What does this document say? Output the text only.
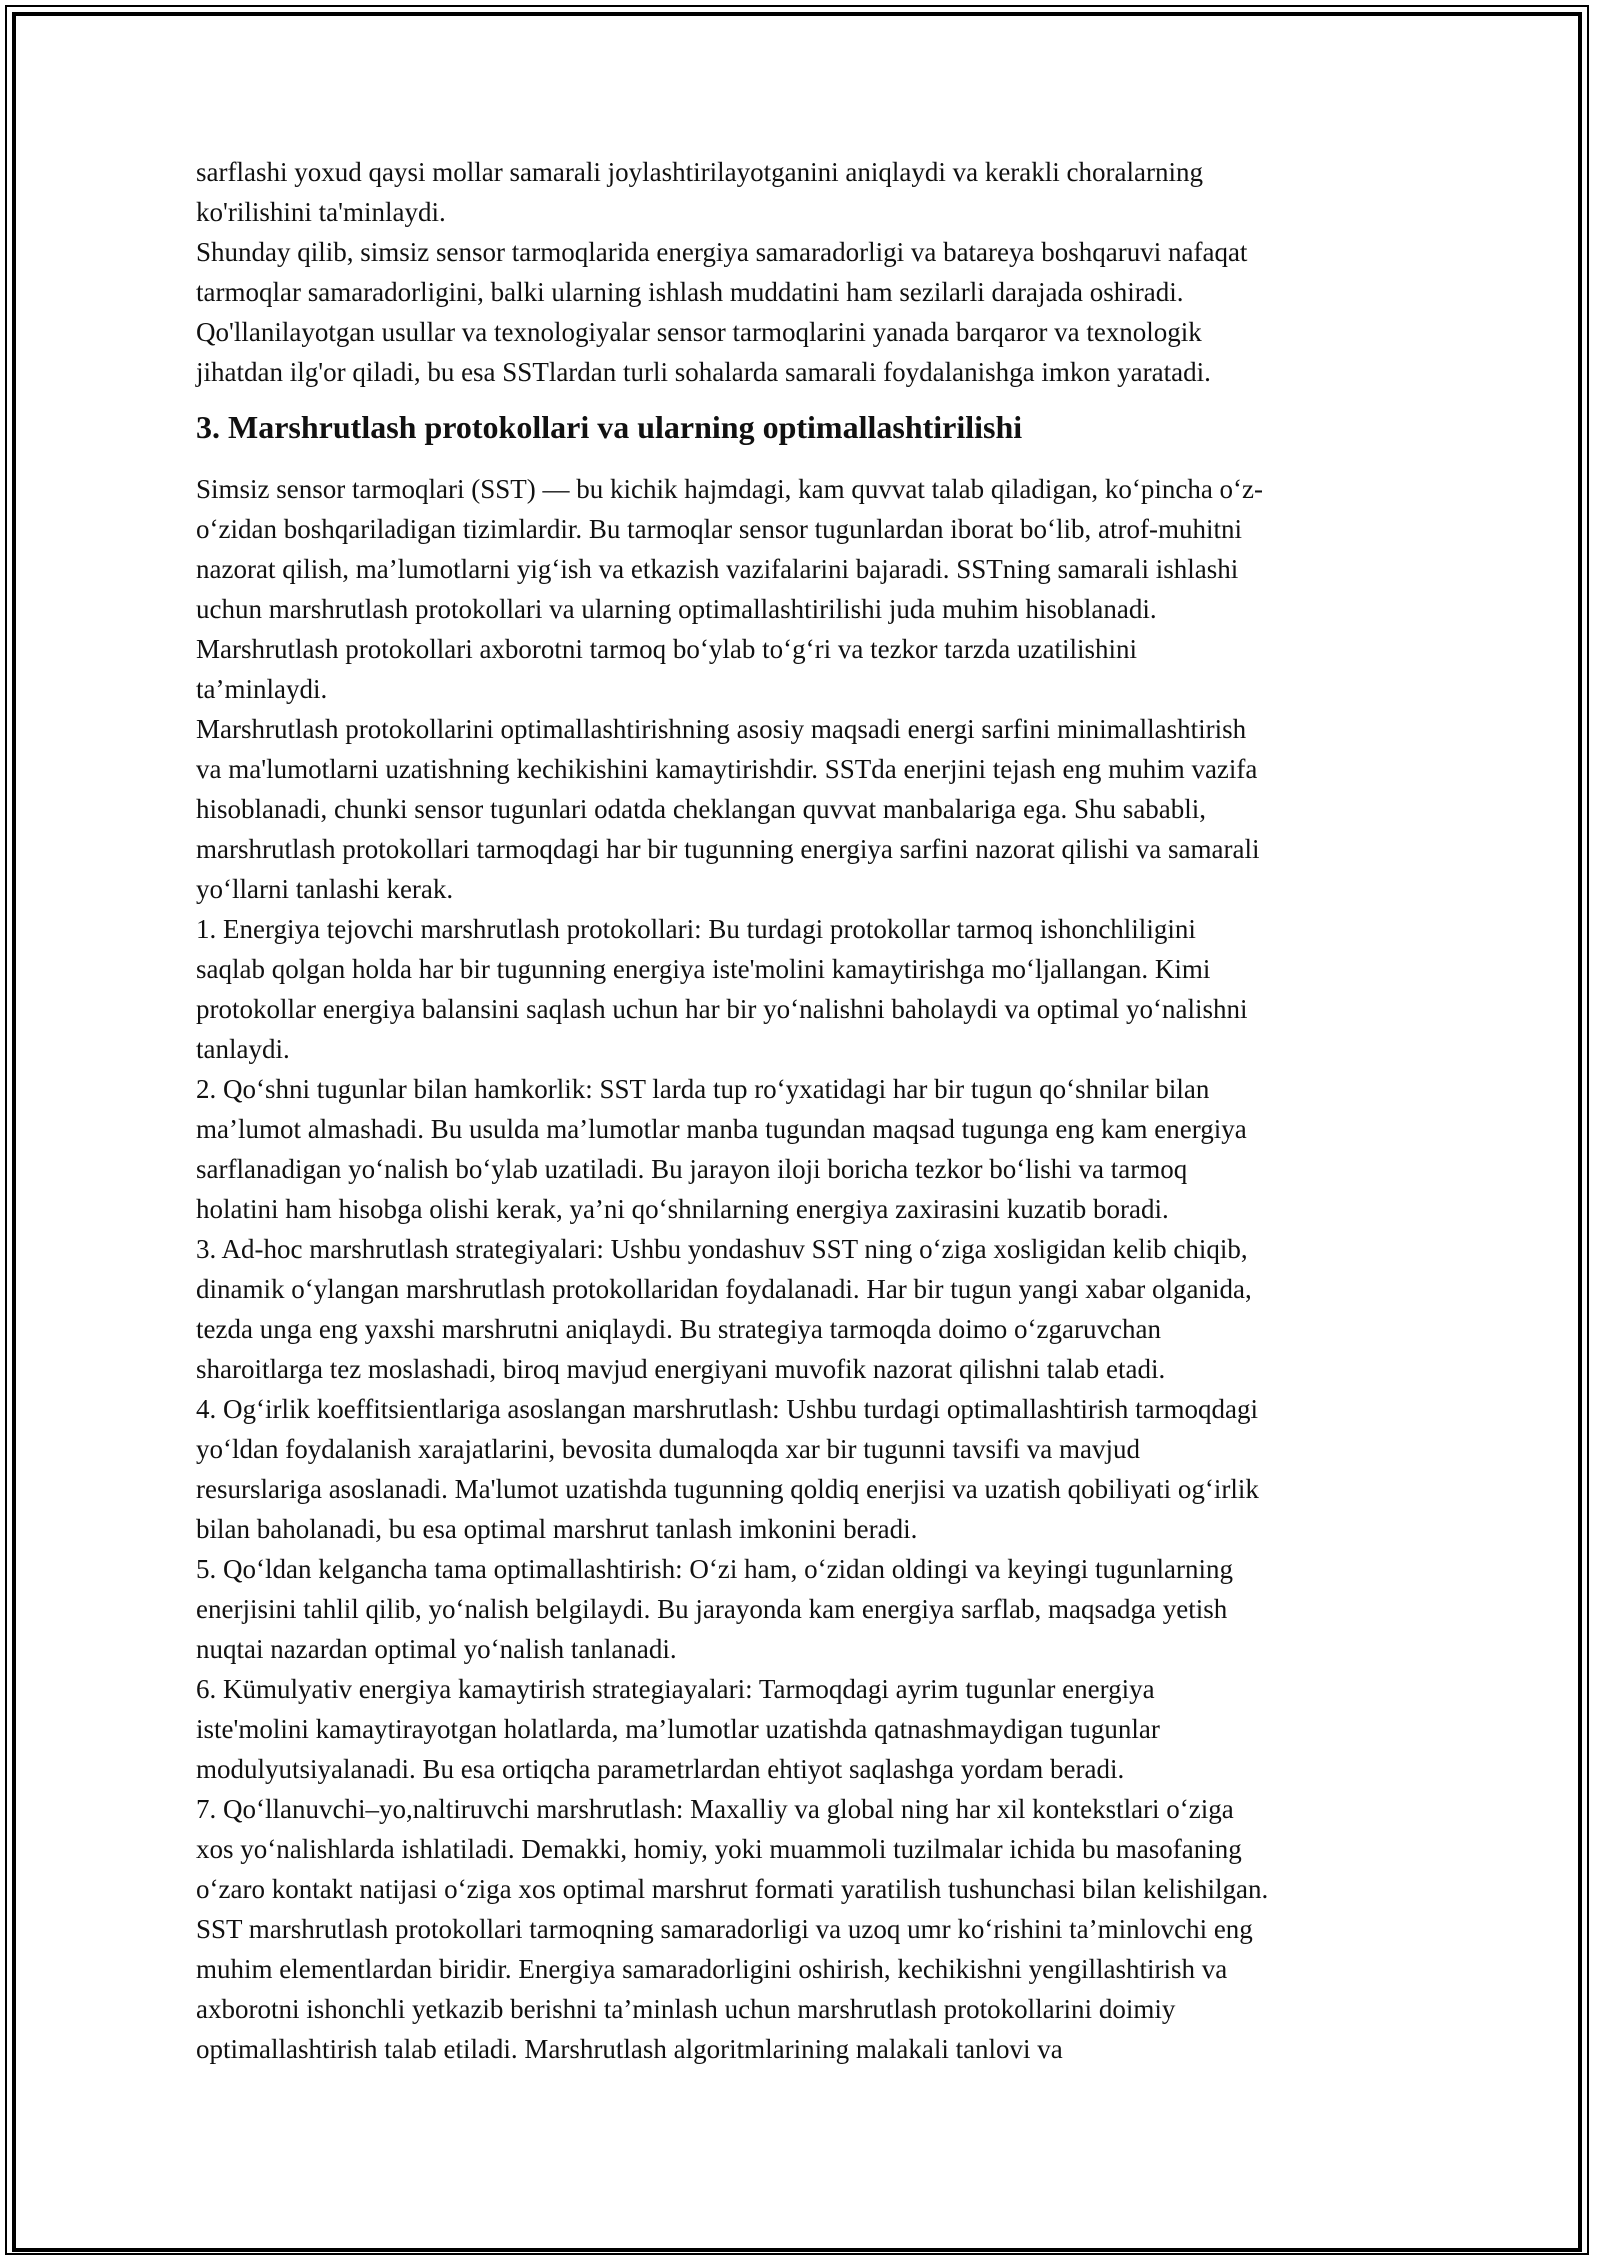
sarflashi yoxud qaysi mollar samarali joylashtirilayotganini aniqlaydi va kerakli choralarning
ko'rilishini ta'minlaydi.
Shunday qilib, simsiz sensor tarmoqlarida energiya samaradorligi va batareya boshqaruvi nafaqat
tarmoqlar samaradorligini, balki ularning ishlash muddatini ham sezilarli darajada oshiradi.
Qo'llanilayotgan usullar va texnologiyalar sensor tarmoqlarini yanada barqaror va texnologik
jihatdan ilg'or qiladi, bu esa SSTlardan turli sohalarda samarali foydalanishga imkon yaratadi.
3. Marshrutlash protokollari va ularning optimallashtirilishi
Simsiz sensor tarmoqlari (SST) — bu kichik hajmdagi, kam quvvat talab qiladigan, ko‘pincha o‘z-
o‘zidan boshqariladigan tizimlardir. Bu tarmoqlar sensor tugunlardan iborat bo‘lib, atrof-muhitni
nazorat qilish, ma’lumotlarni yig‘ish va etkazish vazifalarini bajaradi. SSTning samarali ishlashi
uchun marshrutlash protokollari va ularning optimallashtirilishi juda muhim hisoblanadi.
Marshrutlash protokollari axborotni tarmoq bo‘ylab to‘g‘ri va tezkor tarzda uzatilishini
ta’minlaydi.
Marshrutlash protokollarini optimallashtirishning asosiy maqsadi energi sarfini minimallashtirish
va ma'lumotlarni uzatishning kechikishini kamaytirishdir. SSTda enerjini tejash eng muhim vazifa
hisoblanadi, chunki sensor tugunlari odatda cheklangan quvvat manbalariga ega. Shu sababli,
marshrutlash protokollari tarmoqdagi har bir tugunning energiya sarfini nazorat qilishi va samarali
yo‘llarni tanlashi kerak.
1. Energiya tejovchi marshrutlash protokollari: Bu turdagi protokollar tarmoq ishonchliligini
saqlab qolgan holda har bir tugunning energiya iste'molini kamaytirishga mo‘ljallangan. Kimi
protokollar energiya balansini saqlash uchun har bir yo‘nalishni baholaydi va optimal yo‘nalishni
tanlaydi.
2. Qo‘shni tugunlar bilan hamkorlik: SST larda tup ro‘yxatidagi har bir tugun qo‘shnilar bilan
ma’lumot almashadi. Bu usulda ma’lumotlar manba tugundan maqsad tugunga eng kam energiya
sarflanadigan yo‘nalish bo‘ylab uzatiladi. Bu jarayon iloji boricha tezkor bo‘lishi va tarmoq
holatini ham hisobga olishi kerak, ya’ni qo‘shnilarning energiya zaxirasini kuzatib boradi.
3. Ad-hoc marshrutlash strategiyalari: Ushbu yondashuv SST ning o‘ziga xosligidan kelib chiqib,
dinamik o‘ylangan marshrutlash protokollaridan foydalanadi. Har bir tugun yangi xabar olganida,
tezda unga eng yaxshi marshrutni aniqlaydi. Bu strategiya tarmoqda doimo o‘zgaruvchan
sharoitlarga tez moslashadi, biroq mavjud energiyani muvofik nazorat qilishni talab etadi.
4. Og‘irlik koeffitsientlariga asoslangan marshrutlash: Ushbu turdagi optimallashtirish tarmoqdagi
yo‘ldan foydalanish xarajatlarini, bevosita dumaloqda xar bir tugunni tavsifi va mavjud
resurslariga asoslanadi. Ma'lumot uzatishda tugunning qoldiq enerjisi va uzatish qobiliyati og‘irlik
bilan baholanadi, bu esa optimal marshrut tanlash imkonini beradi.
5. Qo‘ldan kelgancha tama optimallashtirish: O‘zi ham, o‘zidan oldingi va keyingi tugunlarning
enerjisini tahlil qilib, yo‘nalish belgilaydi. Bu jarayonda kam energiya sarflab, maqsadga yetish
nuqtai nazardan optimal yo‘nalish tanlanadi.
6. Kümulyativ energiya kamaytirish strategiayalari: Tarmoqdagi ayrim tugunlar energiya
iste'molini kamaytirayotgan holatlarda, ma’lumotlar uzatishda qatnashmaydigan tugunlar
modulyutsiyalanadi. Bu esa ortiqcha parametrlardan ehtiyot saqlashga yordam beradi.
7. Qo‘llanuvchi–yo,naltiruvchi marshrutlash: Maxalliy va global ning har xil kontekstlari o‘ziga
xos yo‘nalishlarda ishlatiladi. Demakki, homiy, yoki muammoli tuzilmalar ichida bu masofaning
o‘zaro kontakt natijasi o‘ziga xos optimal marshrut formati yaratilish tushunchasi bilan kelishilgan.
SST marshrutlash protokollari tarmoqning samaradorligi va uzoq umr ko‘rishini ta’minlovchi eng
muhim elementlardan biridir. Energiya samaradorligini oshirish, kechikishni yengillashtirish va
axborotni ishonchli yetkazib berishni ta’minlash uchun marshrutlash protokollarini doimiy
optimallashtirish talab etiladi. Marshrutlash algoritmlarining malakali tanlovi va
